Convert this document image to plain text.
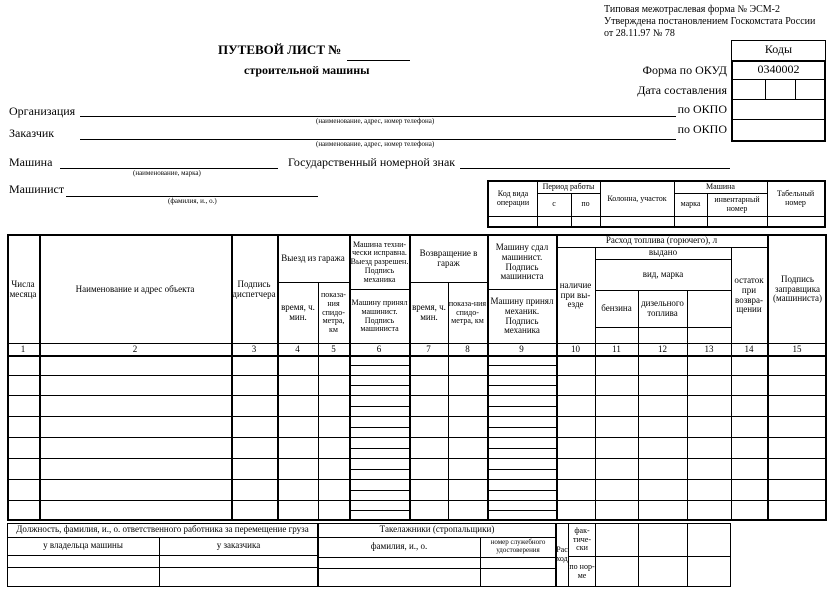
Типовая межотраслевая форма № ЭСМ-2
Утверждена постановлением Госкомстата России
от 28.11.97 № 78
ПУТЕВОЙ ЛИСТ №
строительной машины
Коды
0340002
Форма по ОКУД
Дата составления
по ОКПО
по ОКПО
Организация
(наименование, адрес, номер телефона)
Заказчик
(наименование, адрес, номер телефона)
Машина
(наименование, марка)
Государственный номерной знак
Машинист
(фамилия, и., о.)
Код вида операции
Период работы
с	по
Колонна, участок
Машина
марка	инвентарный номер
Табельный номер
Числа месяца	Наименование и адрес объекта	Подпись диспетчера
Выезд из гаража
время, ч. мин.
показа-ния спидо-метра, км
Машина техни-чески исправна. Выезд разрешен. Подпись механика
Машину принял машинист. Подпись машиниста
Возвращение в гараж
время, ч. мин.
показа-ния спидо-метра, км
Машину сдал машинист. Подпись машиниста
Машину принял механик. Подпись механика
Расход топлива (горючего), л
наличие при вы-езде
выдано
вид, марка
бензина	дизельного топлива
остаток при возвра-щении
Подпись заправщика (машиниста)
1	2	3	4	5	6	7	8	9	10	11	12	13	14	15
Должность, фамилия, и., о. ответственного работника за перемещение груза
у владельца машины	у заказчика
Такелажники (стропальщики)
фамилия, и., о.	номер служебного удостоверения	Расход
фак-тиче-ски
по нор-ме
